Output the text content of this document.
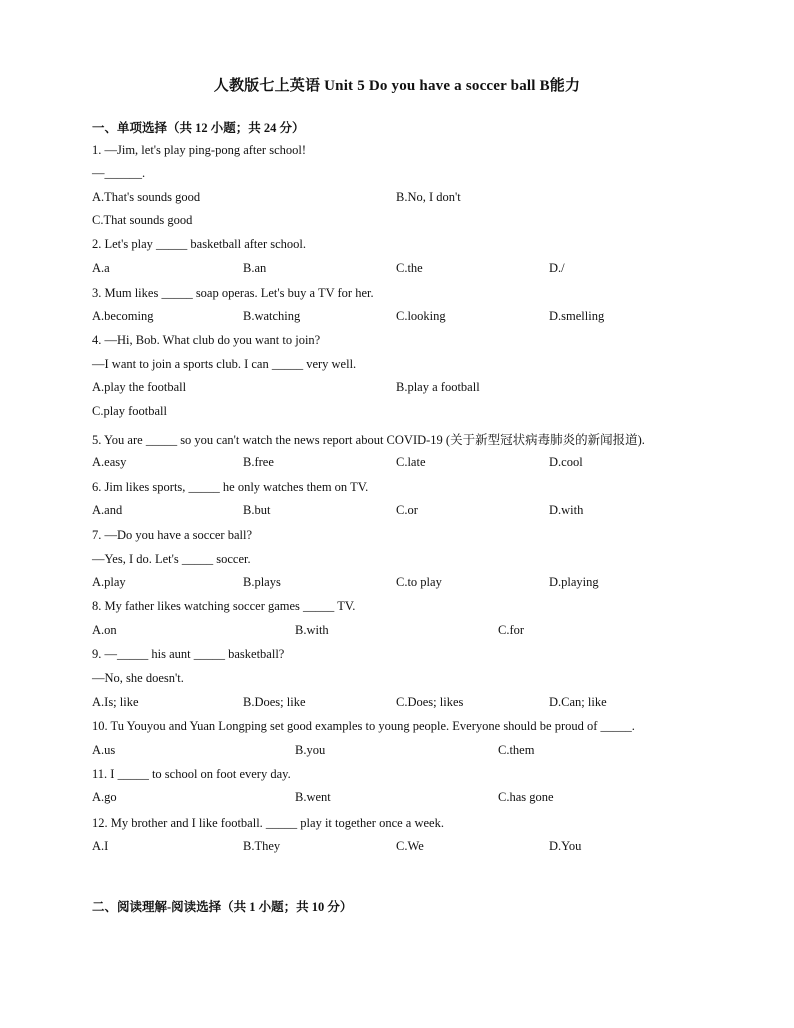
人教版七上英语 Unit 5 Do you have a soccer ball B能力
一、单项选择（共 12 小题；共 24 分）
1. —Jim, let's play ping-pong after school!
—______.
A.That's sounds good	B.No, I don't
C.That sounds good
2. Let's play _____ basketball after school.
A.a	B.an	C.the	D./
3. Mum likes _____ soap operas. Let's buy a TV for her.
A.becoming	B.watching	C.looking	D.smelling
4. —Hi, Bob. What club do you want to join?
—I want to join a sports club. I can _____ very well.
A.play the football	B.play a football
C.play football
5. You are _____ so you can't watch the news report about COVID-19 (关于新型冠状病毒肺炎的新闻报道).
A.easy	B.free	C.late	D.cool
6. Jim likes sports, _____ he only watches them on TV.
A.and	B.but	C.or	D.with
7. —Do you have a soccer ball?
—Yes, I do. Let's _____ soccer.
A.play	B.plays	C.to play	D.playing
8. My father likes watching soccer games _____ TV.
A.on	B.with	C.for
9. —_____ his aunt _____ basketball?
—No, she doesn't.
A.Is; like	B.Does; like	C.Does; likes	D.Can; like
10. Tu Youyou and Yuan Longping set good examples to young people. Everyone should be proud of _____.
A.us	B.you	C.them
11. I _____ to school on foot every day.
A.go	B.went	C.has gone
12. My brother and I like football. _____ play it together once a week.
A.I	B.They	C.We	D.You
二、阅读理解-阅读选择（共 1 小题；共 10 分）
